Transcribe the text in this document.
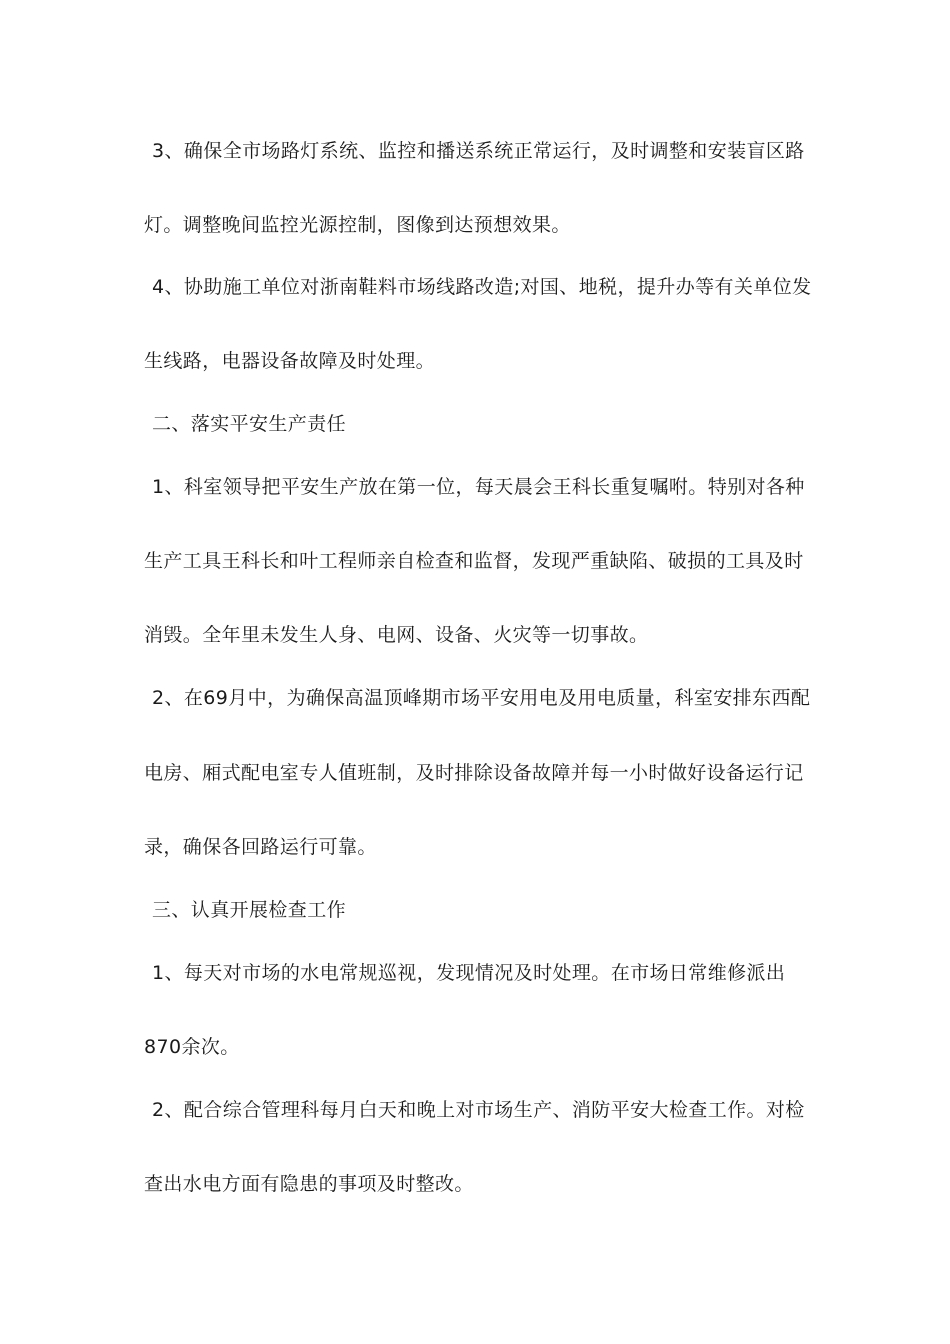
3、确保全市场路灯系统、监控和播送系统正常运行，及时调整和安装盲区路

灯。调整晚间监控光源控制，图像到达预想效果。

4、协助施工单位对浙南鞋料市场线路改造;对国、地税，提升办等有关单位发

生线路，电器设备故障及时处理。

二、落实平安生产责任

1、科室领导把平安生产放在第一位，每天晨会王科长重复嘱咐。特别对各种

生产工具王科长和叶工程师亲自检查和监督，发现严重缺陷、破损的工具及时

消毁。全年里未发生人身、电网、设备、火灾等一切事故。

2、在69月中，为确保高温顶峰期市场平安用电及用电质量，科室安排东西配

电房、厢式配电室专人值班制，及时排除设备故障并每一小时做好设备运行记

录，确保各回路运行可靠。

三、认真开展检查工作

1、每天对市场的水电常规巡视，发现情况及时处理。在市场日常维修派出

870余次。

2、配合综合管理科每月白天和晚上对市场生产、消防平安大检查工作。对检

查出水电方面有隐患的事项及时整改。
